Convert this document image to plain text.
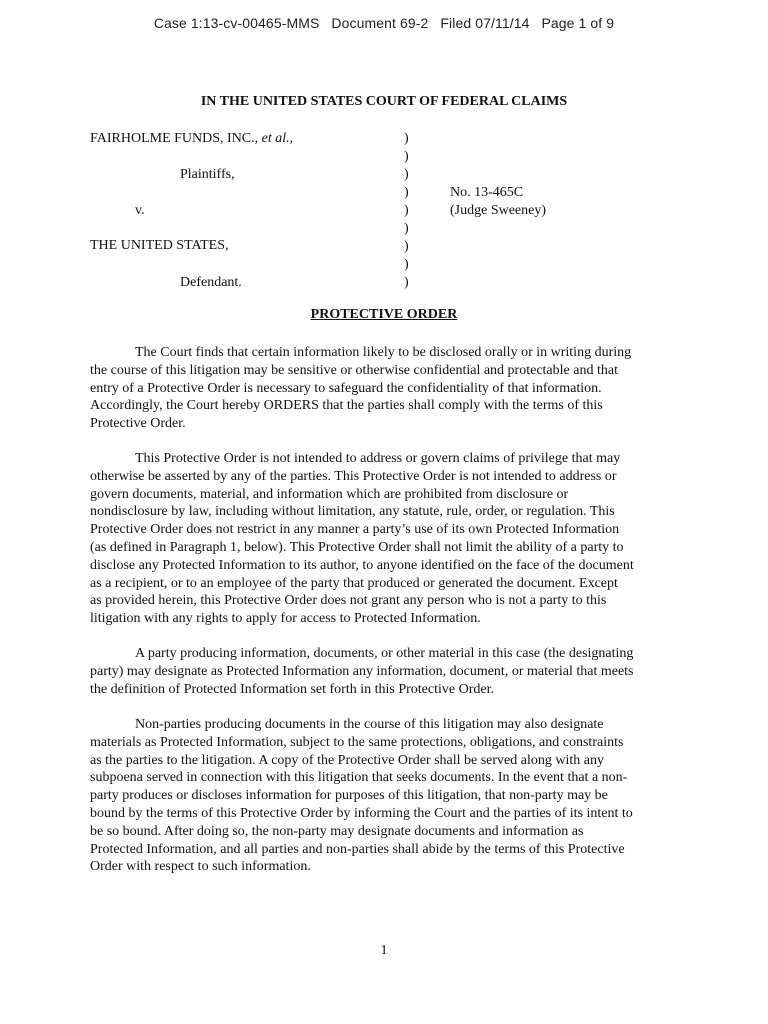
Case 1:13-cv-00465-MMS   Document 69-2   Filed 07/11/14   Page 1 of 9
IN THE UNITED STATES COURT OF FEDERAL CLAIMS
FAIRHOLME FUNDS, INC., et al.,
Plaintiffs,
v.
THE UNITED STATES,
Defendant.
)
)
)
)
)
)
)
)
)
No. 13-465C
(Judge Sweeney)
PROTECTIVE ORDER
The Court finds that certain information likely to be disclosed orally or in writing during
the course of this litigation may be sensitive or otherwise confidential and protectable and that
entry of a Protective Order is necessary to safeguard the confidentiality of that information.
Accordingly, the Court hereby ORDERS that the parties shall comply with the terms of this
Protective Order.
This Protective Order is not intended to address or govern claims of privilege that may
otherwise be asserted by any of the parties. This Protective Order is not intended to address or
govern documents, material, and information which are prohibited from disclosure or
nondisclosure by law, including without limitation, any statute, rule, order, or regulation. This
Protective Order does not restrict in any manner a party’s use of its own Protected Information
(as defined in Paragraph 1, below). This Protective Order shall not limit the ability of a party to
disclose any Protected Information to its author, to anyone identified on the face of the document
as a recipient, or to an employee of the party that produced or generated the document. Except
as provided herein, this Protective Order does not grant any person who is not a party to this
litigation with any rights to apply for access to Protected Information.
A party producing information, documents, or other material in this case (the designating
party) may designate as Protected Information any information, document, or material that meets
the definition of Protected Information set forth in this Protective Order.
Non-parties producing documents in the course of this litigation may also designate
materials as Protected Information, subject to the same protections, obligations, and constraints
as the parties to the litigation. A copy of the Protective Order shall be served along with any
subpoena served in connection with this litigation that seeks documents. In the event that a non-
party produces or discloses information for purposes of this litigation, that non-party may be
bound by the terms of this Protective Order by informing the Court and the parties of its intent to
be so bound. After doing so, the non-party may designate documents and information as
Protected Information, and all parties and non-parties shall abide by the terms of this Protective
Order with respect to such information.
1
